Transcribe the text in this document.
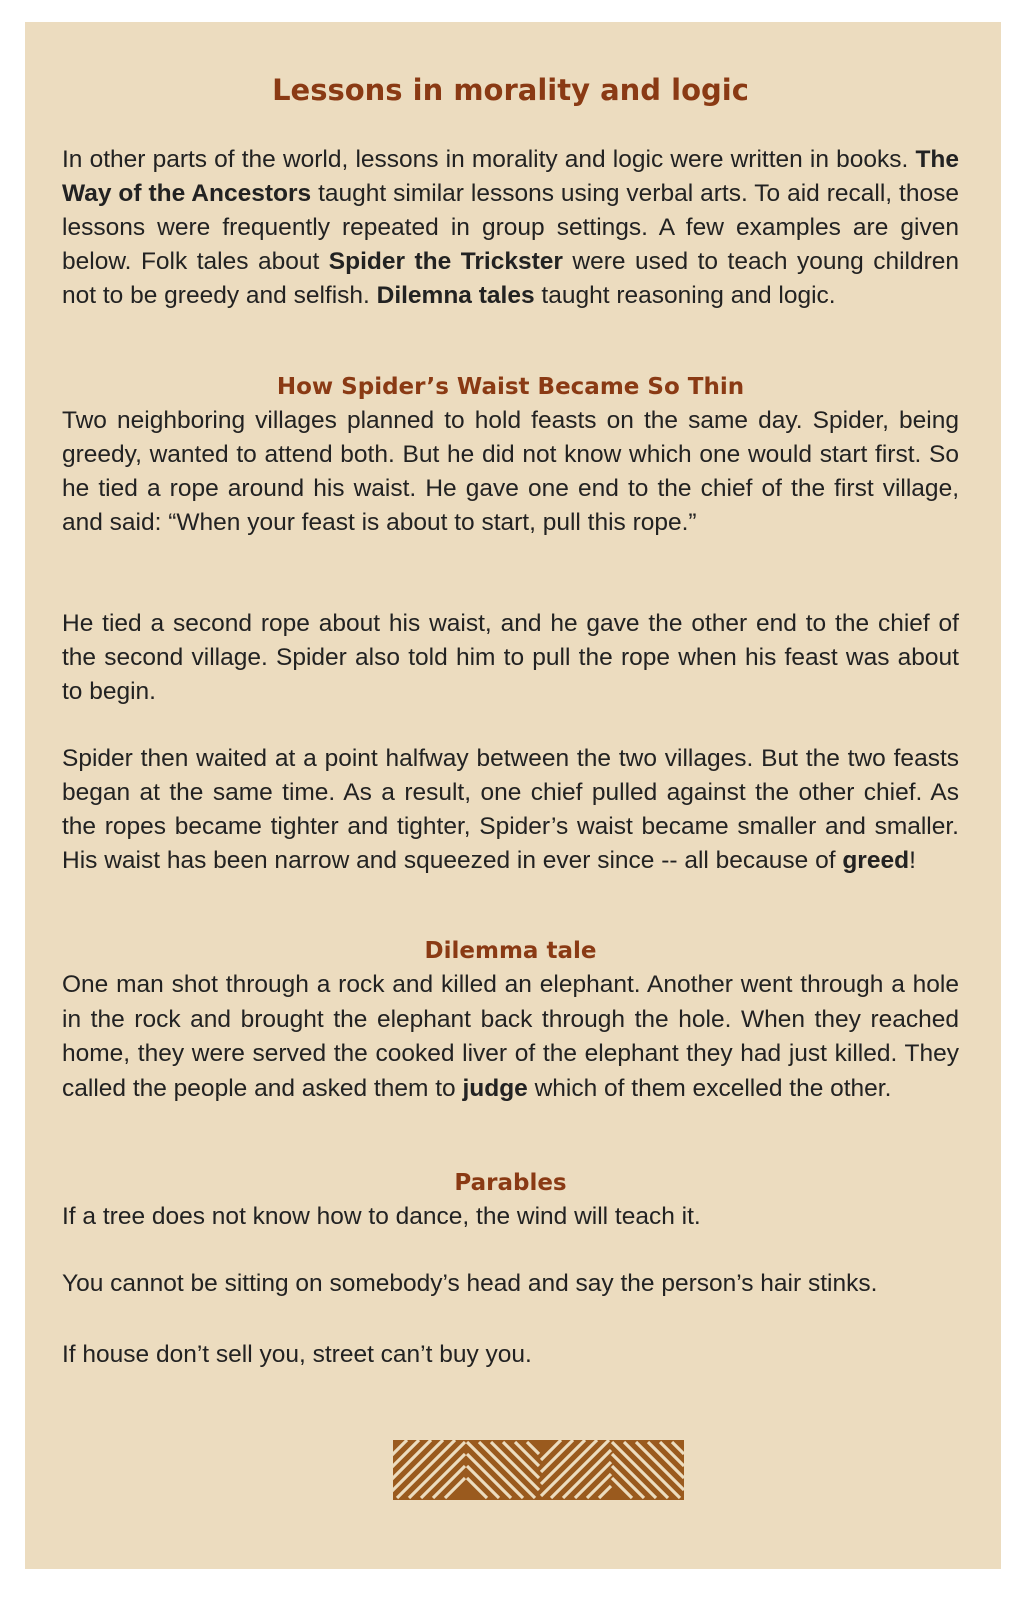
Lessons in morality and logic

In other parts of the world, lessons in morality and logic were written in books. The Way of the Ancestors taught similar lessons using verbal arts. To aid recall, those lessons were frequently repeated in group settings. A few examples are given below. Folk tales about Spider the Trickster were used to teach young children not to be greedy and selfish. Dilemna tales taught reasoning and logic.

How Spider’s Waist Became So Thin

Two neighboring villages planned to hold feasts on the same day. Spider, being greedy, wanted to attend both. But he did not know which one would start first. So he tied a rope around his waist. He gave one end to the chief of the first village, and said: “When your feast is about to start, pull this rope.”

He tied a second rope about his waist, and he gave the other end to the chief of the second village. Spider also told him to pull the rope when his feast was about to begin.

Spider then waited at a point halfway between the two villages. But the two feasts began at the same time. As a result, one chief pulled against the other chief. As the ropes became tighter and tighter, Spider’s waist became smaller and smaller. His waist has been narrow and squeezed in ever since -- all because of greed!

Dilemma tale

One man shot through a rock and killed an elephant. Another went through a hole in the rock and brought the elephant back through the hole. When they reached home, they were served the cooked liver of the elephant they had just killed. They called the people and asked them to judge which of them excelled the other.

Parables

If a tree does not know how to dance, the wind will teach it.

You cannot be sitting on somebody’s head and say the person’s hair stinks.

If house don’t sell you, street can’t buy you.
